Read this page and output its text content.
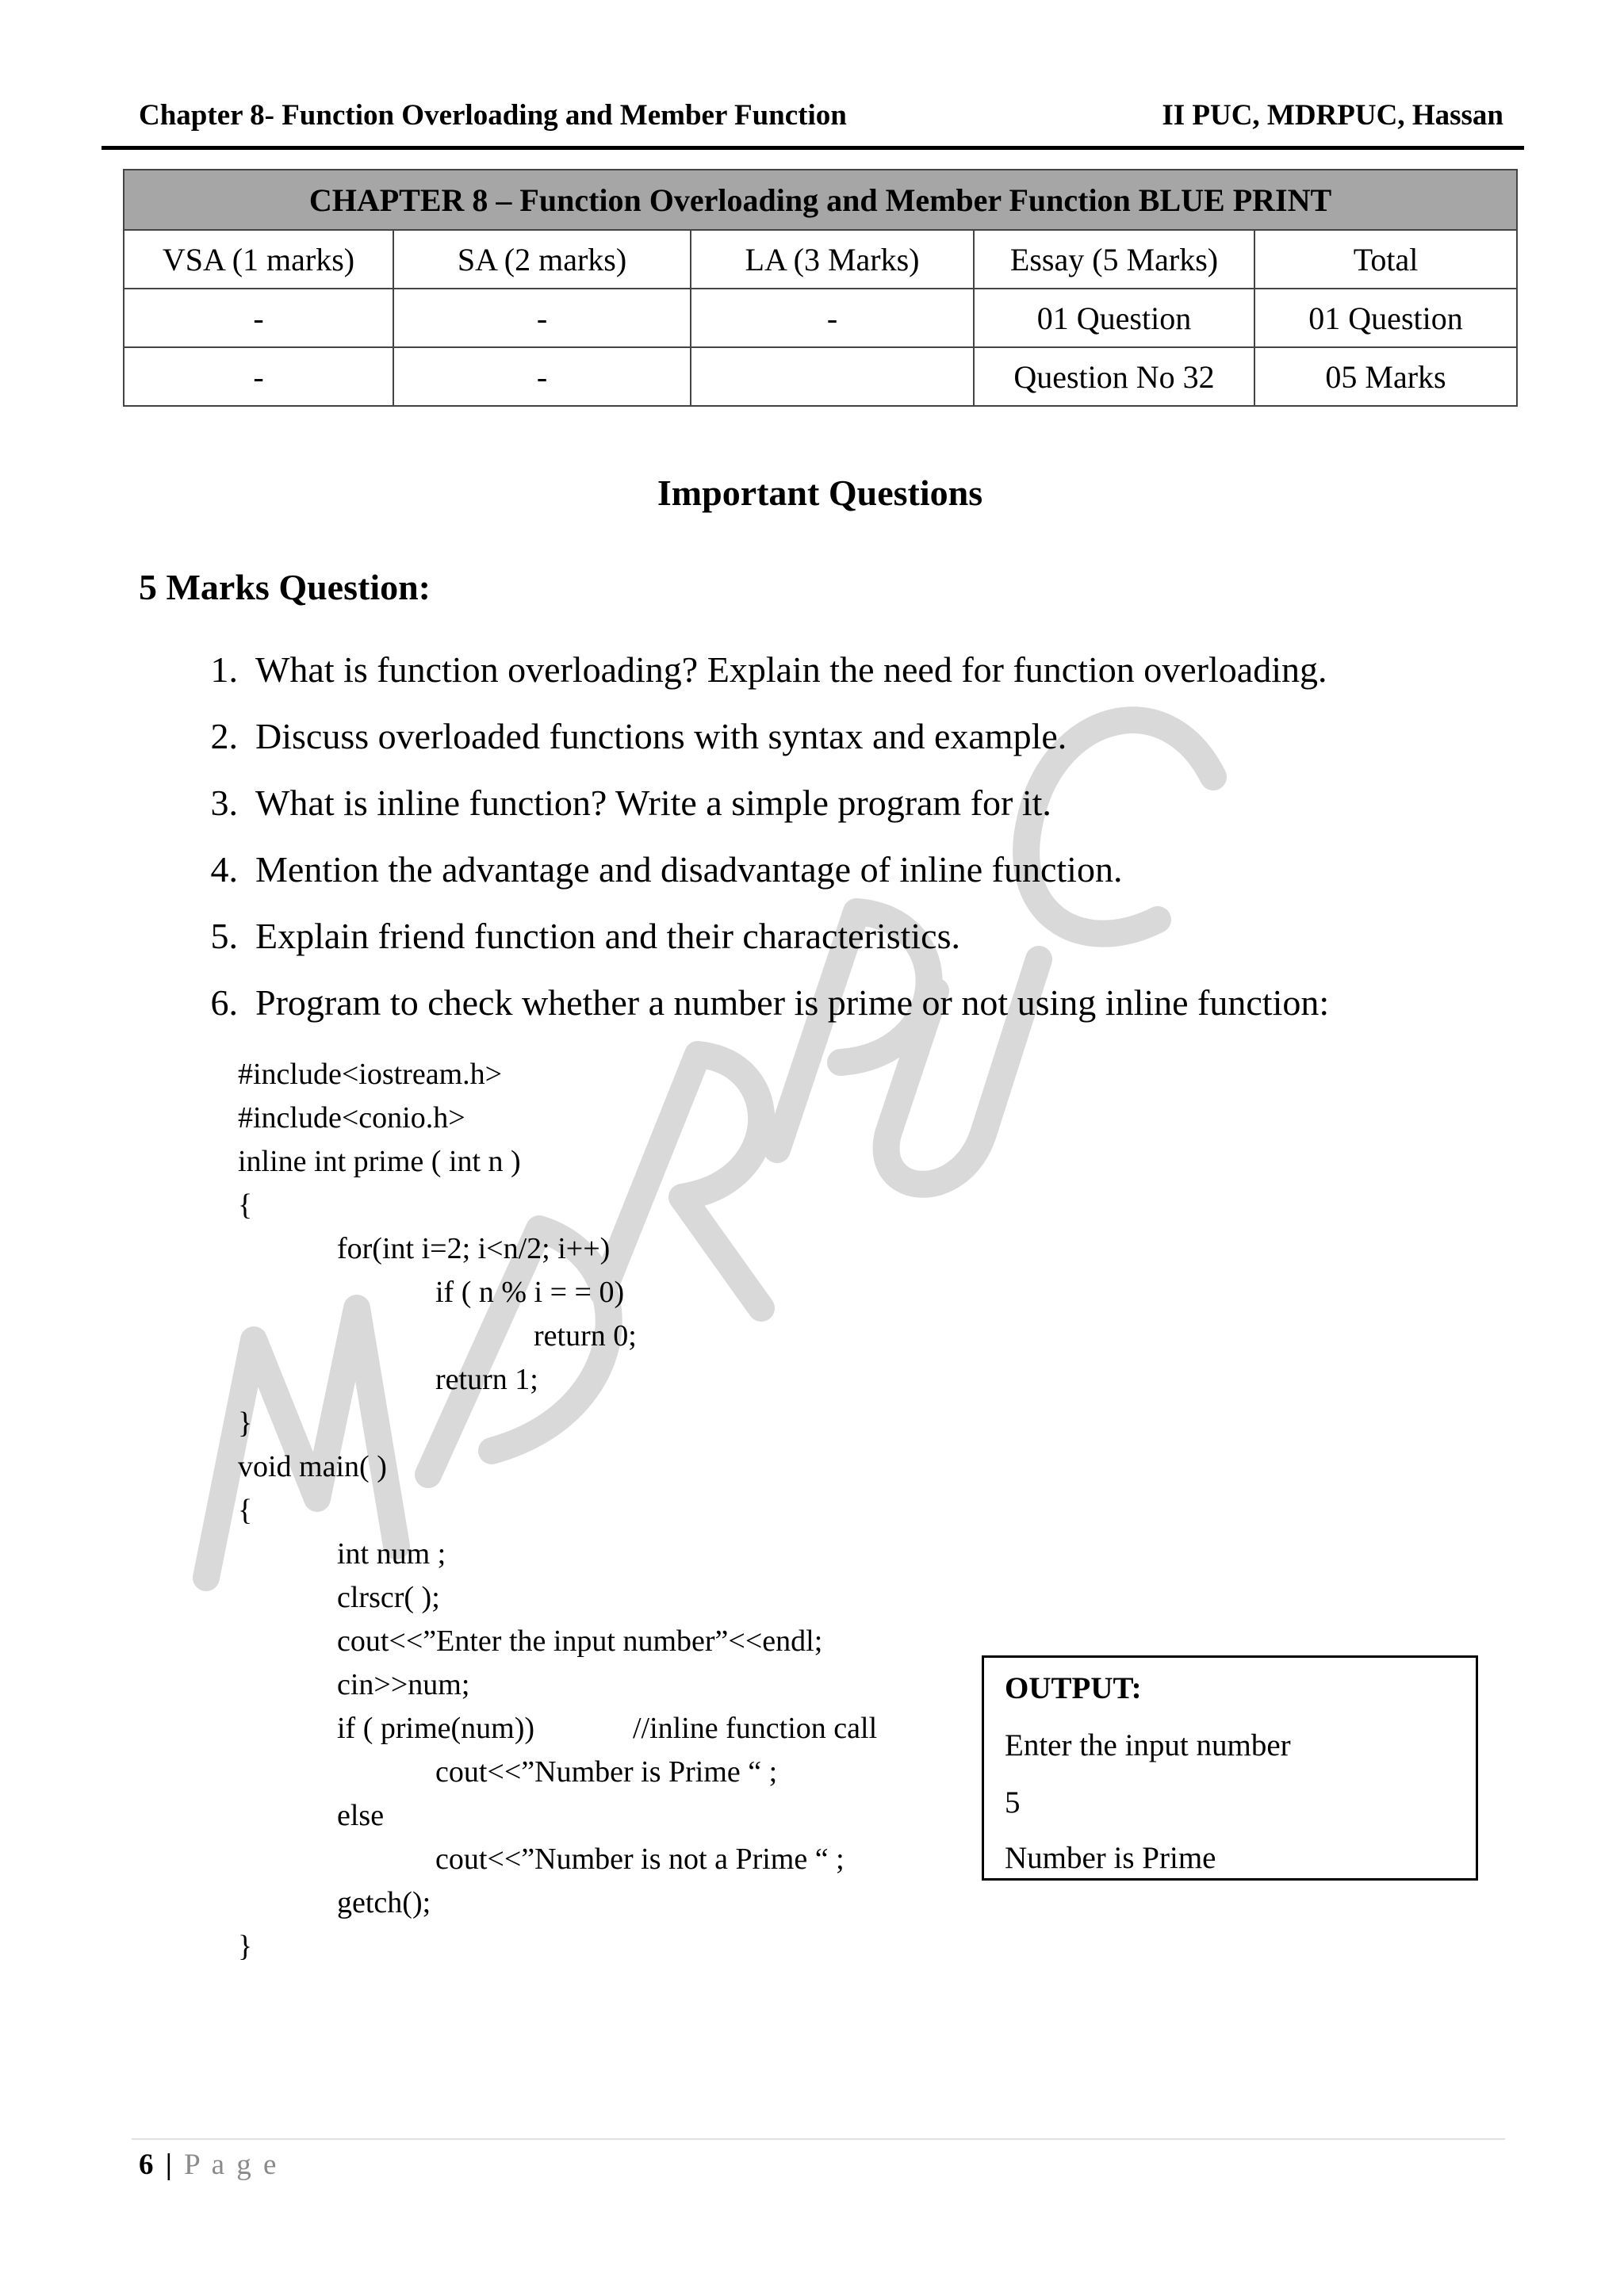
Chapter 8- Function Overloading and Member Function	II PUC, MDRPUC, Hassan
CHAPTER 8 – Function Overloading and Member Function BLUE PRINT				
VSA (1 marks)	SA (2 marks)	LA (3 Marks)	Essay (5 Marks)	Total
-	-	-	01 Question	01 Question
-	-		Question No 32	05 Marks
Important Questions
5 Marks Question:
1. What is function overloading? Explain the need for function overloading.
2. Discuss overloaded functions with syntax and example.
3. What is inline function? Write a simple program for it.
4. Mention the advantage and disadvantage of inline function.
5. Explain friend function and their characteristics.
6. Program to check whether a number is prime or not using inline function:
#include<iostream.h>
#include<conio.h>
inline int prime ( int n )
{
for(int i=2; i<n/2; i++)
if ( n % i = = 0)
return 0;
return 1;
}
void main( )
{
int num ;
clrscr( );
cout<<”Enter the input number”<<endl;
cin>>num;
if ( prime(num))	//inline function call
cout<<”Number is Prime “ ;
else
cout<<”Number is not a Prime “ ;
getch();
}
OUTPUT:
Enter the input number
5
Number is Prime
6 | P a g e
